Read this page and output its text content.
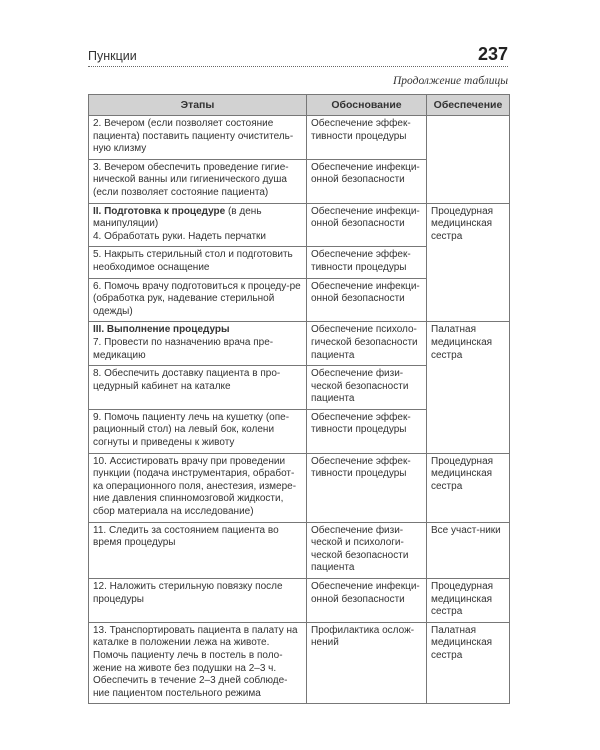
Пункции	237
Продолжение таблицы
Этапы	Обоснование	Обеспечение
2. Вечером (если позволяет состояние пациента) поставить пациенту очиститель-ную клизму	Обеспечение эффек-тивности процедуры	
3. Вечером обеспечить проведение гигие-нической ванны или гигиенического душа (если позволяет состояние пациента)	Обеспечение инфекци-онной безопасности	
II. Подготовка к процедуре (в день манипуляции)
4. Обработать руки. Надеть перчатки	Обеспечение инфекци-онной безопасности	Процедурная медицинская сестра
5. Накрыть стерильный стол и подготовить необходимое оснащение	Обеспечение эффек-тивности процедуры	
6. Помочь врачу подготовиться к процеду-ре (обработка рук, надевание стерильной одежды)	Обеспечение инфекци-онной безопасности	
III. Выполнение процедуры
7. Провести по назначению врача пре-медикацию	Обеспечение психоло-гической безопасности пациента	Палатная медицинская сестра
8. Обеспечить доставку пациента в про-цедурный кабинет на каталке	Обеспечение физи-ческой безопасности пациента	
9. Помочь пациенту лечь на кушетку (опе-рационный стол) на левый бок, колени согнуты и приведены к животу	Обеспечение эффек-тивности процедуры	
10. Ассистировать врачу при проведении пункции (подача инструментария, обработ-ка операционного поля, анестезия, измере-ние давления спинномозговой жидкости, сбор материала на исследование)	Обеспечение эффек-тивности процедуры	Процедурная медицинская сестра
11. Следить за состоянием пациента во время процедуры	Обеспечение физи-ческой и психологи-ческой безопасности пациента	Все участ-ники
12. Наложить стерильную повязку после процедуры	Обеспечение инфекци-онной безопасности	Процедурная медицинская сестра
13. Транспортировать пациента в палату на каталке в положении лежа на животе. Помочь пациенту лечь в постель в поло-жение на животе без подушки на 2–3 ч. Обеспечить в течение 2–3 дней соблюде-ние пациентом постельного режима	Профилактика ослож-нений	Палатная медицинская сестра
